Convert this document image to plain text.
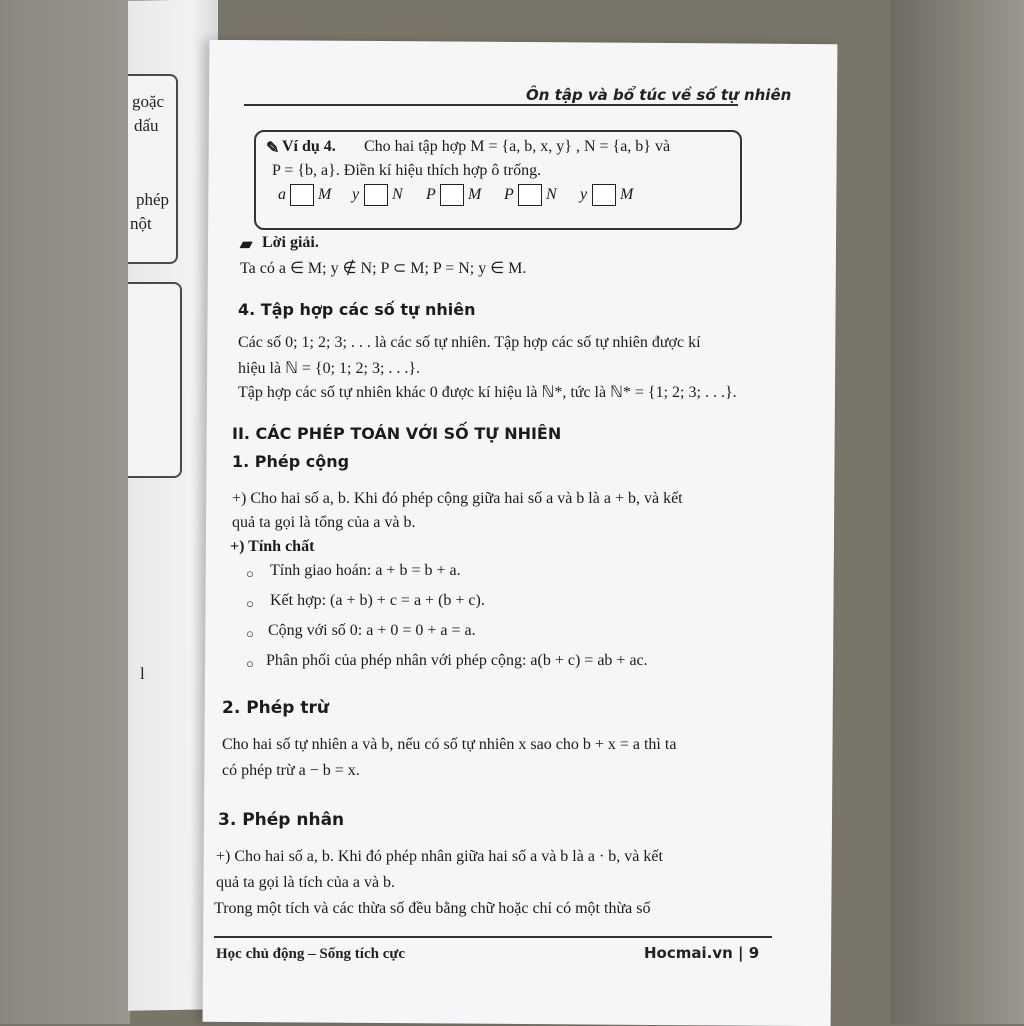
goặc
dấu
phép
nột
l
Ôn tập và bổ túc về số tự nhiên
✎ Ví dụ 4. Cho hai tập hợp M = {a, b, x, y} , N = {a, b} và
P = {b, a}. Điền kí hiệu thích hợp ô trống.
a M y N P M P N y M
▰ Lời giải.
Ta có a ∈ M; y ∉ N; P ⊂ M; P = N; y ∈ M.
4. Tập hợp các số tự nhiên
Các số 0; 1; 2; 3; . . . là các số tự nhiên. Tập hợp các số tự nhiên được kí
hiệu là ℕ = {0; 1; 2; 3; . . .}.
Tập hợp các số tự nhiên khác 0 được kí hiệu là ℕ*, tức là ℕ* = {1; 2; 3; . . .}.
II. CÁC PHÉP TOÁN VỚI SỐ TỰ NHIÊN
1. Phép cộng
+) Cho hai số a, b. Khi đó phép cộng giữa hai số a và b là a + b, và kết
quả ta gọi là tổng của a và b.
+) Tính chất
○ Tính giao hoán: a + b = b + a.
○ Kết hợp: (a + b) + c = a + (b + c).
○ Cộng với số 0: a + 0 = 0 + a = a.
○ Phân phối của phép nhân với phép cộng: a(b + c) = ab + ac.
2. Phép trừ
Cho hai số tự nhiên a và b, nếu có số tự nhiên x sao cho b + x = a thì ta
có phép trừ a − b = x.
3. Phép nhân
+) Cho hai số a, b. Khi đó phép nhân giữa hai số a và b là a · b, và kết
quả ta gọi là tích của a và b.
Trong một tích và các thừa số đều bằng chữ hoặc chỉ có một thừa số
Học chủ động – Sống tích cực	Hocmai.vn | 9
